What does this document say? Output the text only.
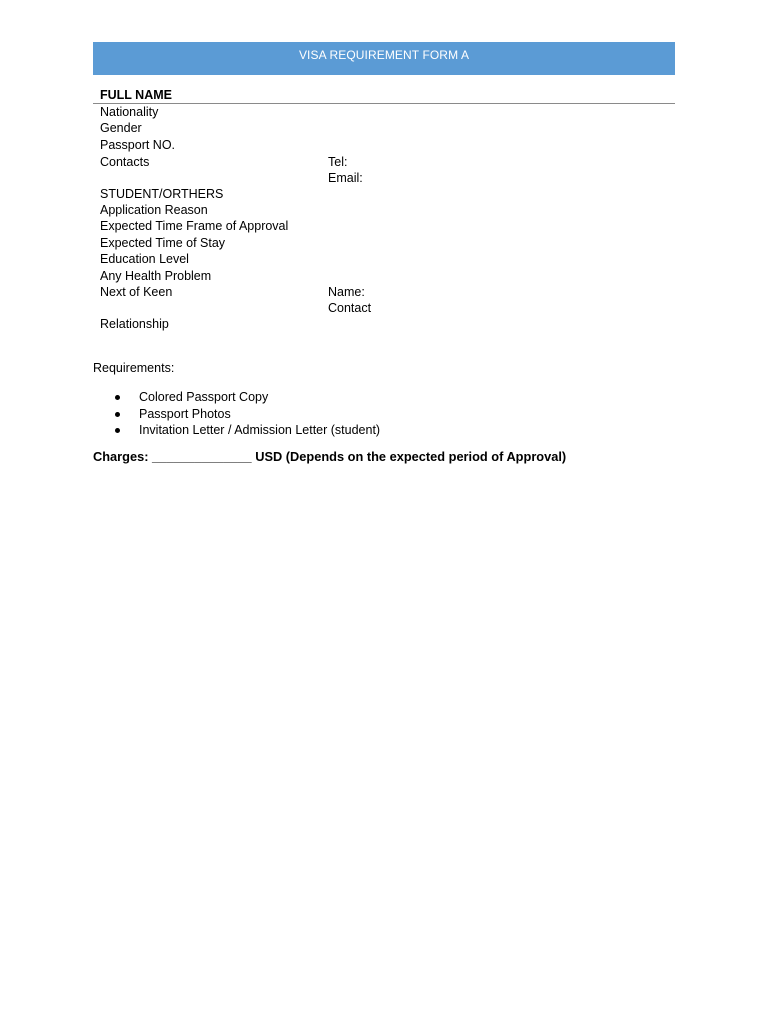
VISA REQUIREMENT FORM A
FULL NAME
Nationality
Gender
Passport NO.
Contacts	Tel:
Email:
STUDENT/ORTHERS
Application Reason
Expected Time Frame of Approval
Expected Time of Stay
Education Level
Any Health Problem
Next of Keen	Name:
Contact
Relationship
Requirements:
Colored Passport Copy
Passport Photos
Invitation Letter / Admission Letter (student)
Charges: ______________ USD (Depends on the expected period of Approval)
